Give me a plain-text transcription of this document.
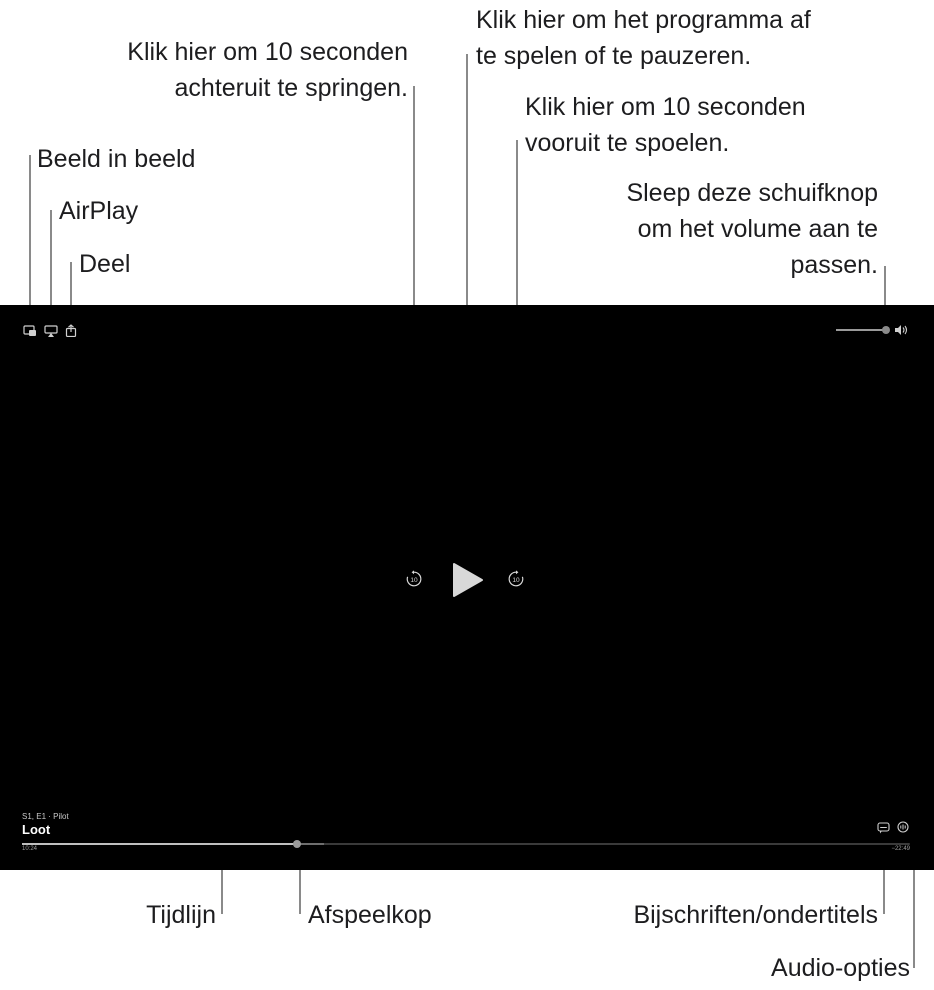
Klik hier om 10 seconden
achteruit te springen.
Klik hier om het programma af
te spelen of te pauzeren.
Klik hier om 10 seconden
vooruit te spoelen.
Sleep deze schuifknop
om het volume aan te
passen.
Beeld in beeld
AirPlay
Deel
Tijdlijn	Afspeelkop	Bijschriften/ondertitels
Audio-opties
10	10
S1, E1 · Pilot
Loot
10:24	−22:49
